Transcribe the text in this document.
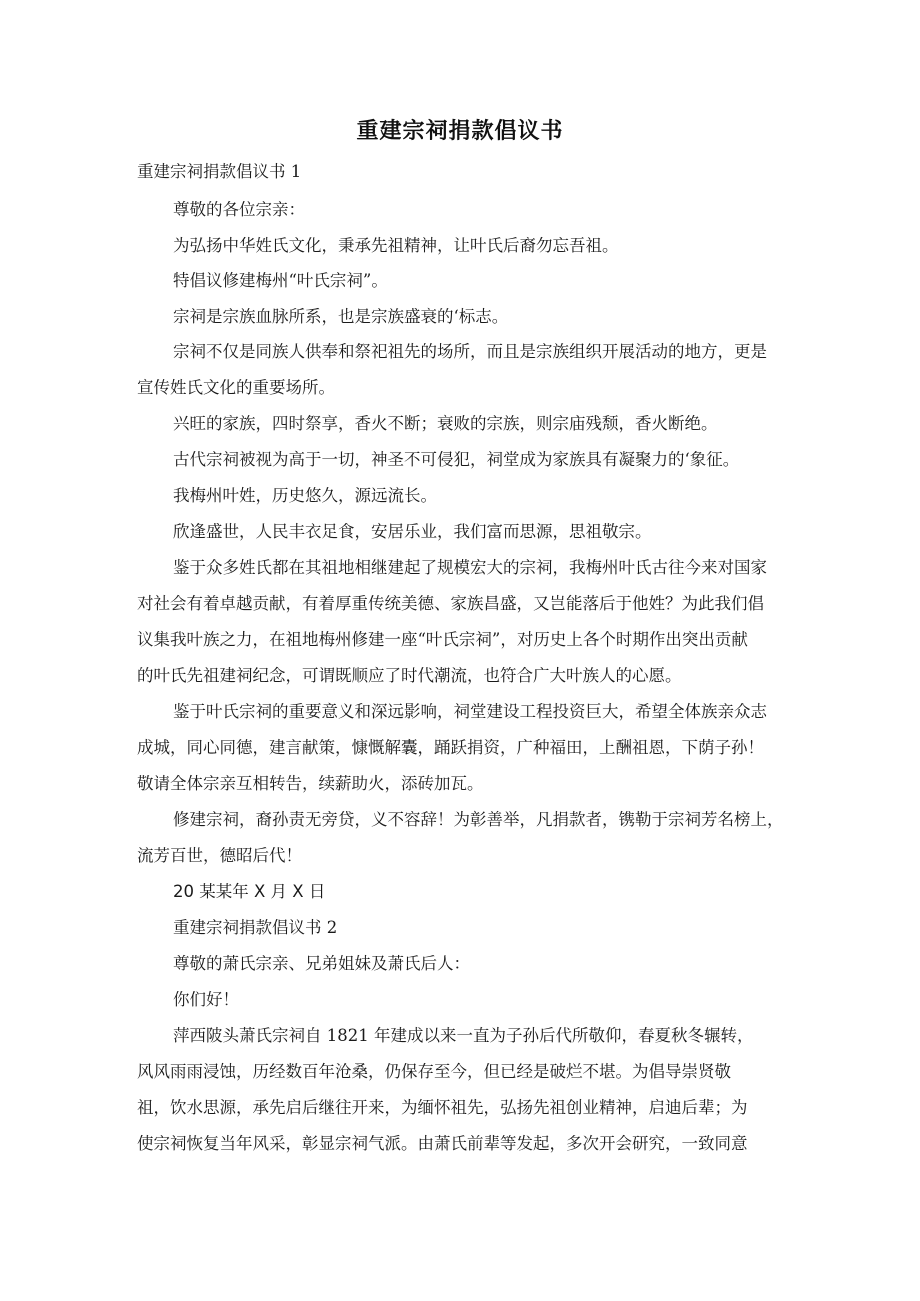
重建宗祠捐款倡议书
重建宗祠捐款倡议书 1
尊敬的各位宗亲：
为弘扬中华姓氏文化，秉承先祖精神，让叶氏后裔勿忘吾祖。
特倡议修建梅州“叶氏宗祠”。
宗祠是宗族血脉所系，也是宗族盛衰的‘标志。
宗祠不仅是同族人供奉和祭祀祖先的场所，而且是宗族组织开展活动的地方，更是
宣传姓氏文化的重要场所。
兴旺的家族，四时祭享，香火不断；衰败的宗族，则宗庙残颓，香火断绝。
古代宗祠被视为高于一切，神圣不可侵犯，祠堂成为家族具有凝聚力的‘象征。
我梅州叶姓，历史悠久，源远流长。
欣逢盛世，人民丰衣足食，安居乐业，我们富而思源，思祖敬宗。
鉴于众多姓氏都在其祖地相继建起了规模宏大的宗祠，我梅州叶氏古往今来对国家
对社会有着卓越贡献，有着厚重传统美德、家族昌盛，又岂能落后于他姓？为此我们倡
议集我叶族之力，在祖地梅州修建一座“叶氏宗祠”，对历史上各个时期作出突出贡献
的叶氏先祖建祠纪念，可谓既顺应了时代潮流，也符合广大叶族人的心愿。
鉴于叶氏宗祠的重要意义和深远影响，祠堂建设工程投资巨大，希望全体族亲众志
成城，同心同德，建言献策，慷慨解囊，踊跃捐资，广种福田，上酬祖恩，下荫子孙！
敬请全体宗亲互相转告，续薪助火，添砖加瓦。
修建宗祠，裔孙责无旁贷，义不容辞！为彰善举，凡捐款者，镌勒于宗祠芳名榜上，
流芳百世，德昭后代！
20 某某年 X 月 X 日
重建宗祠捐款倡议书 2
尊敬的萧氏宗亲、兄弟姐妹及萧氏后人：
你们好！
萍西陂头萧氏宗祠自 1821 年建成以来一直为子孙后代所敬仰，春夏秋冬辗转，
风风雨雨浸蚀，历经数百年沧桑，仍保存至今，但已经是破烂不堪。为倡导崇贤敬
祖，饮水思源，承先启后继往开来，为缅怀祖先，弘扬先祖创业精神，启迪后辈；为
使宗祠恢复当年风采，彰显宗祠气派。由萧氏前辈等发起，多次开会研究，一致同意
